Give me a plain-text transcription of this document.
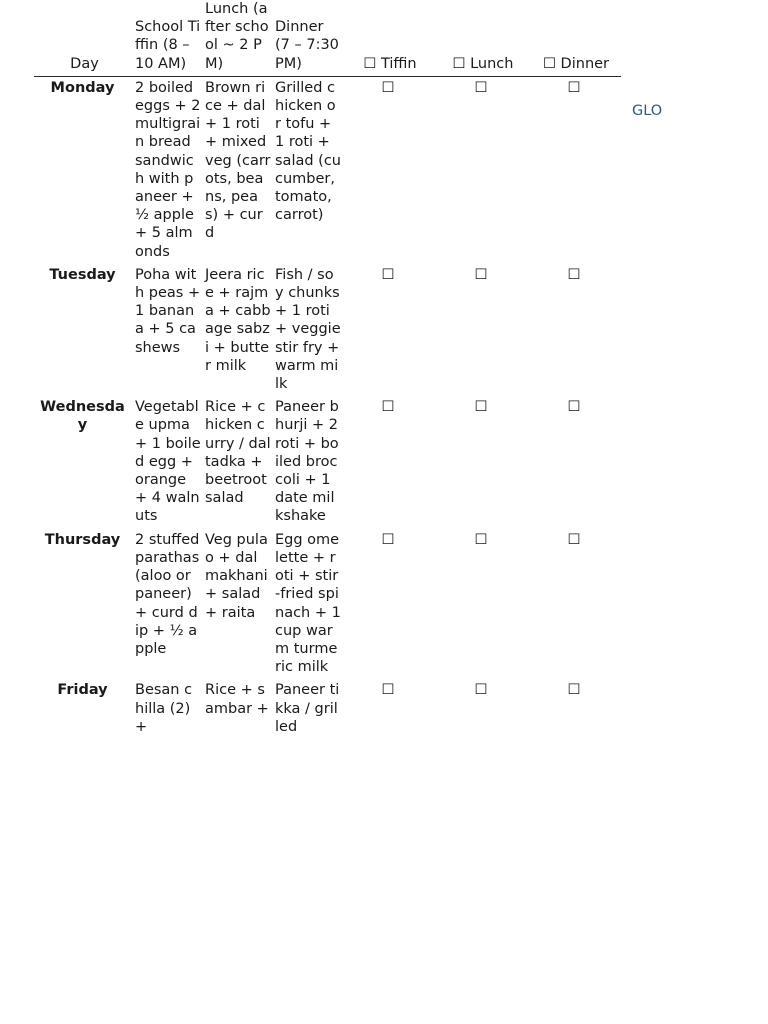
Day	School Tiffin (8 – 10 AM)	Lunch (after school ~ 2 PM)	Dinner (7 – 7:30 PM)	☐ Tiffin	☐ Lunch	☐ Dinner
Monday	2 boiled eggs + 2 multigrain bread sandwich with paneer + ½ apple + 5 almonds	Brown rice + dal + 1 roti + mixed veg (carrots, beans, peas) + curd	Grilled chicken or tofu + 1 roti + salad (cucumber, tomato, carrot)	☐	☐	☐
Tuesday	Poha with peas + 1 banana + 5 cashews	Jeera rice + rajma + cabbage sabzi + butter milk	Fish / soy chunks + 1 roti + veggie stir fry + warm milk	☐	☐	☐
Wednesday	Vegetable upma + 1 boiled egg + orange + 4 walnuts	Rice + chicken curry / dal tadka + beetroot salad	Paneer bhurji + 2 roti + boiled broccoli + 1 date milkshake	☐	☐	☐
Thursday	2 stuffed parathas (aloo or paneer) + curd dip + ½ apple	Veg pulao + dal makhani + salad + raita	Egg omelette + roti + stir-fried spinach + 1 cup warm turmeric milk	☐	☐	☐
Friday	Besan chilla (2) +	Rice + sambar +	Paneer tikka / grilled	☐	☐	☐
GLO
